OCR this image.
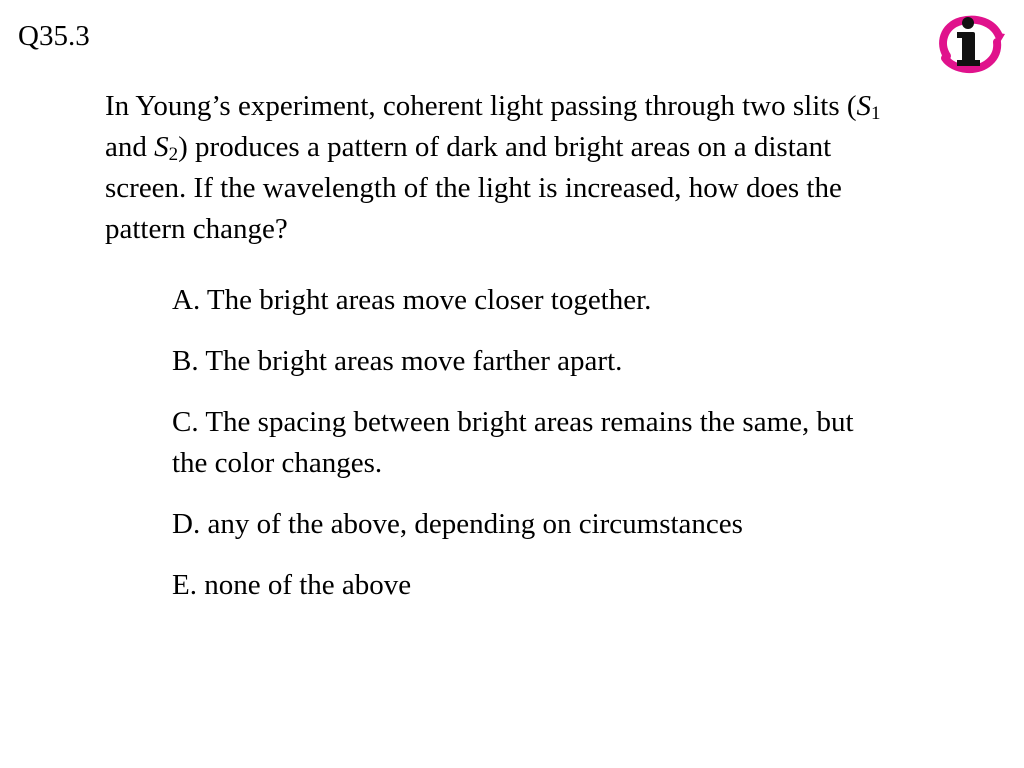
Q35.3
In Young’s experiment, coherent light passing through two slits ($S_1$ and $S_2$) produces a pattern of dark and bright areas on a distant screen. If the wavelength of the light is increased, how does the pattern change?
A. The bright areas move closer together.
B. The bright areas move farther apart.
C. The spacing between bright areas remains the same, but the color changes.
D. any of the above, depending on circumstances
E. none of the above
